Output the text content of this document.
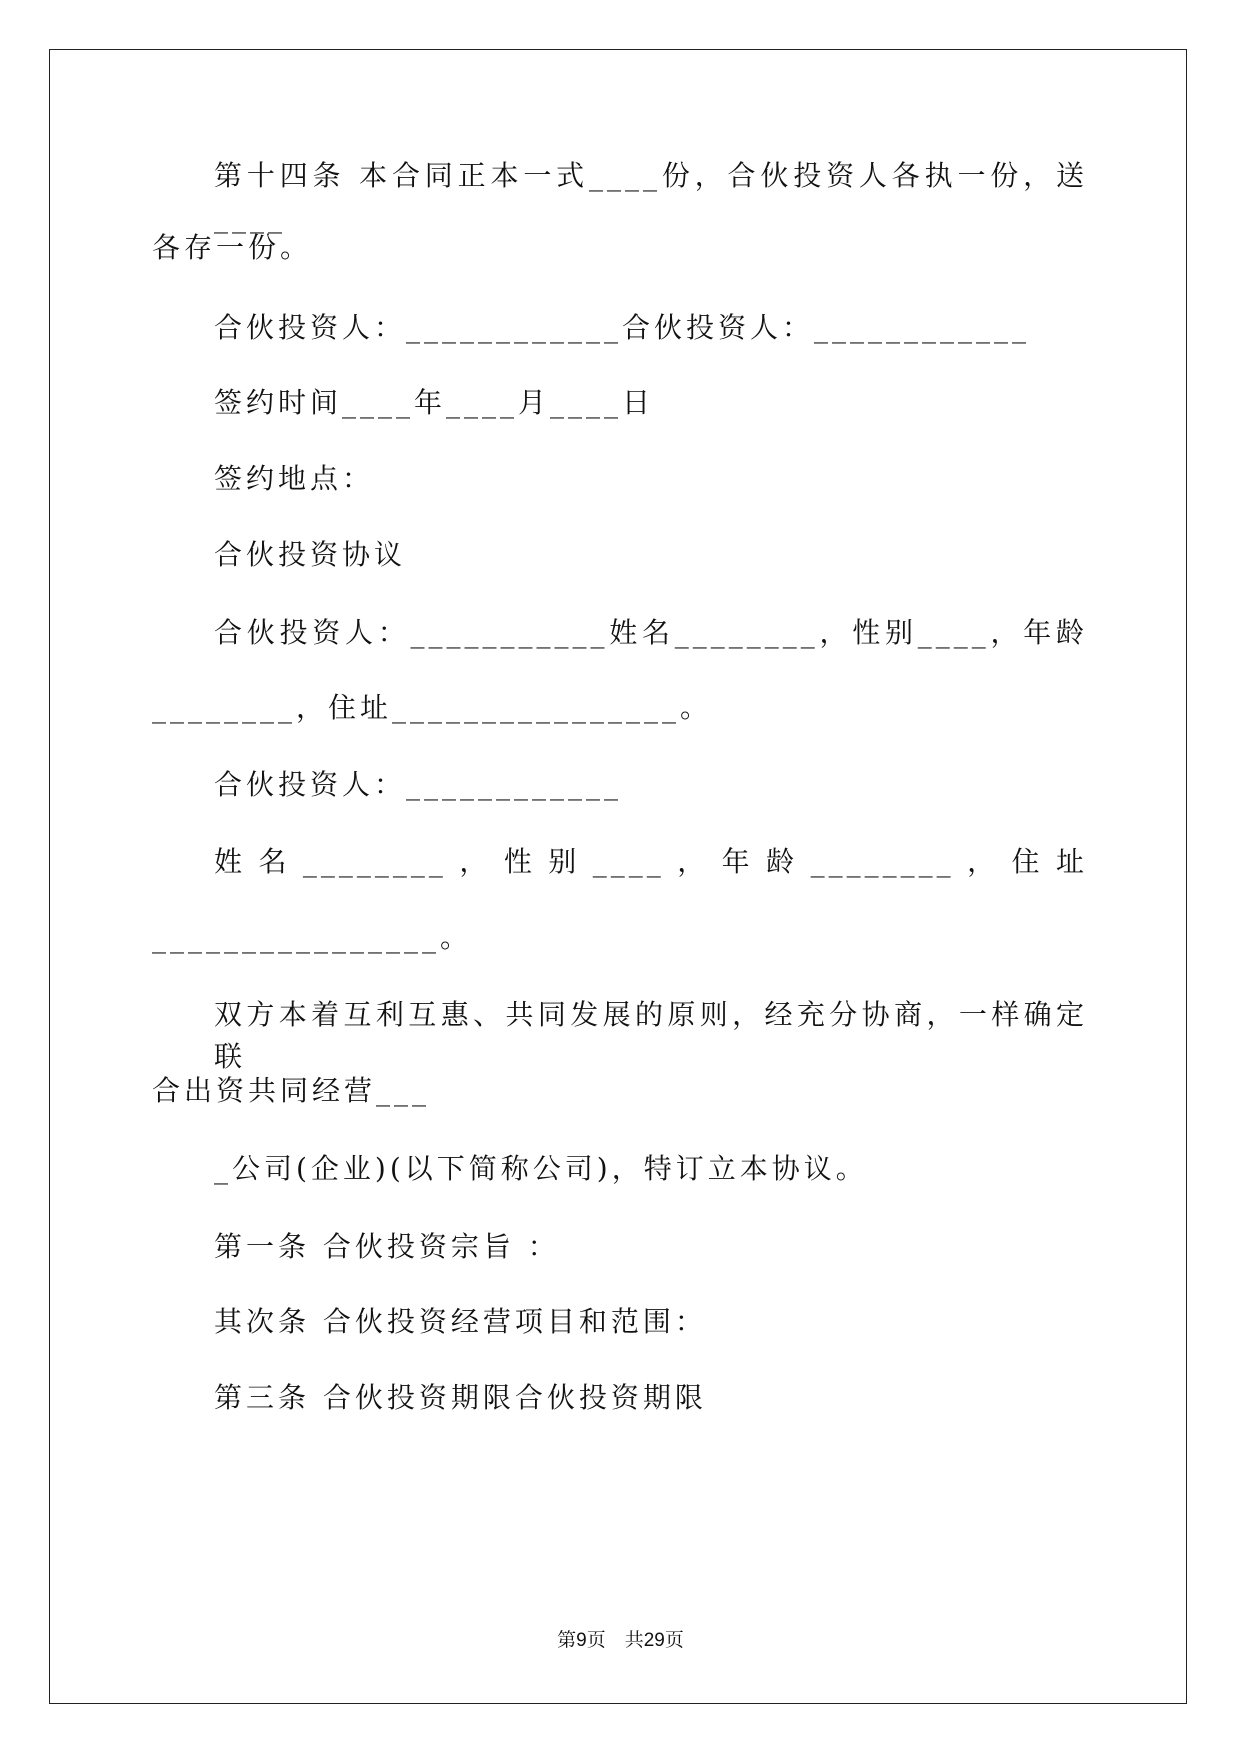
第十四条 本合同正本一式____份，合伙投资人各执一份，送____

各存一份。

合伙投资人：____________合伙投资人：____________

签约时间____年____月____日

签约地点：

合伙投资协议

合伙投资人：___________姓名________，性别____，年龄

________，住址________________。

合伙投资人：____________

姓名________，性别____，年龄________，住址

________________。

双方本着互利互惠、共同发展的原则，经充分协商，一样确定联

合出资共同经营___

_公司(企业)(以下简称公司)，特订立本协议。

第一条 合伙投资宗旨 ：

其次条 合伙投资经营项目和范围：

第三条 合伙投资期限合伙投资期限

第9页　共29页
